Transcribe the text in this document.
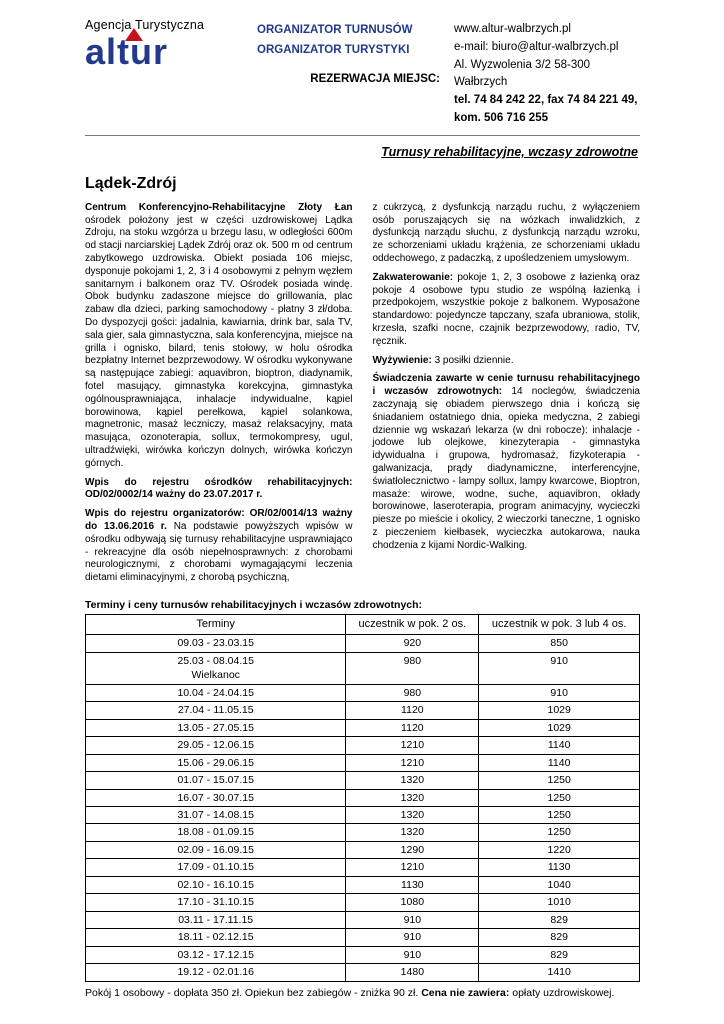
Agencja Turystyczna
altur
ORGANIZATOR TURNUSÓW
ORGANIZATOR TURYSTYKI
REZERWACJA MIEJSC:
www.altur-walbrzych.pl
e-mail: biuro@altur-walbrzych.pl
Al. Wyzwolenia 3/2 58-300 Wałbrzych
tel. 74 84 242 22, fax 74 84 221 49, kom. 506 716 255
Turnusy rehabilitacyjne, wczasy zdrowotne
Lądek-Zdrój

Centrum Konferencyjno-Rehabilitacyjne Złoty Łan ośrodek położony jest w części uzdrowiskowej Lądka Zdroju, na stoku wzgórza u brzegu lasu, w odległości 600m od stacji narciarskiej Lądek Zdrój oraz ok. 500 m od centrum zabytkowego uzdrowiska. Obiekt posiada 106 miejsc, dysponuje pokojami 1, 2, 3 i 4 osobowymi z pełnym węzłem sanitarnym i balkonem oraz TV. Ośrodek posiada windę. Obok budynku zadaszone miejsce do grillowania, plac zabaw dla dzieci, parking samochodowy - płatny 3 zł/doba. Do dyspozycji gości: jadalnia, kawiarnia, drink bar, sala TV, sala gier, sala gimnastyczna, sala konferencyjna, miejsce na grilla i ognisko, bilard, tenis stołowy, w holu ośrodka bezpłatny Internet bezprzewodowy. W ośrodku wykonywane są następujące zabiegi: aquavibron, bioptron, diadynamik, fotel masujący, gimnastyka korekcyjna, gimnastyka ogólnousprawniająca, inhalacje indywidualne, kąpiel borowinowa, kąpiel perełkowa, kąpiel solankowa, magnetronic, masaż leczniczy, masaż relaksacyjny, mata masująca, ozonoterapia, sollux, termokompresy, ugul, ultradźwięki, wirówka kończyn dolnych, wirówka kończyn górnych.

Wpis do rejestru ośrodków rehabilitacyjnych: OD/02/0002/14 ważny do 23.07.2017 r.

Wpis do rejestru organizatorów: OR/02/0014/13 ważny do 13.06.2016 r. Na podstawie powyższych wpisów w ośrodku odbywają się turnusy rehabilitacyjne usprawniająco - rekreacyjne dla osób niepełnosprawnych: z chorobami neurologicznymi, z chorobami wymagającymi leczenia dietami eliminacyjnymi, z chorobą psychiczną,

z cukrzycą, z dysfunkcją narządu ruchu, z wyłączeniem osób poruszających się na wózkach inwalidzkich, z dysfunkcją narządu słuchu, z dysfunkcją narządu wzroku, ze schorzeniami układu krążenia, ze schorzeniami układu oddechowego, z padaczką, z upośledzeniem umysłowym.

Zakwaterowanie: pokoje 1, 2, 3 osobowe z łazienką oraz pokoje 4 osobowe typu studio ze wspólną łazienką i przedpokojem, wszystkie pokoje z balkonem. Wyposażone standardowo: pojedyncze tapczany, szafa ubraniowa, stolik, krzesła, szafki nocne, czajnik bezprzewodowy, radio, TV, ręcznik.

Wyżywienie: 3 posiłki dziennie.

Świadczenia zawarte w cenie turnusu rehabilitacyjnego i wczasów zdrowotnych: 14 noclegów, świadczenia zaczynają się obiadem pierwszego dnia i kończą się śniadaniem ostatniego dnia, opieka medyczna, 2 zabiegi dziennie wg wskazań lekarza (w dni robocze): inhalacje - jodowe lub olejkowe, kinezyterapia - gimnastyka idywidualna i grupowa, hydromasaż, fizykoterapia - galwanizacja, prądy diadynamiczne, interferencyjne, światłolecznictwo - lampy sollux, lampy kwarcowe, Bioptron, masaże: wirowe, wodne, suche, aquavibron, okłady borowinowe, laseroterapia, program animacyjny, wycieczki piesze po mieście i okolicy, 2 wieczorki taneczne, 1 ognisko z pieczeniem kiełbasek, wycieczka autokarowa, nauka chodzenia z kijami Nordic-Walking.

Terminy i ceny turnusów rehabilitacyjnych i wczasów zdrowotnych:
Terminy	uczestnik w pok. 2 os.	uczestnik w pok. 3 lub 4 os.
09.03 - 23.03.15	920	850
25.03 - 08.04.15
Wielkanoc	980	910
10.04 - 24.04.15	980	910
27.04 - 11.05.15	1120	1029
13.05 - 27.05.15	1120	1029
29.05 - 12.06.15	1210	1140
15.06 - 29.06.15	1210	1140
01.07 - 15.07.15	1320	1250
16.07 - 30.07.15	1320	1250
31.07 - 14.08.15	1320	1250
18.08 - 01.09.15	1320	1250
02.09 - 16.09.15	1290	1220
17.09 - 01.10.15	1210	1130
02.10 - 16.10.15	1130	1040
17.10 - 31.10.15	1080	1010
03.11 - 17.11.15	910	829
18.11 - 02.12.15	910	829
03.12 - 17.12.15	910	829
19.12 - 02.01.16	1480	1410
Pokój 1 osobowy - dopłata 350 zł. Opiekun bez zabiegów - zniżka 90 zł. Cena nie zawiera: opłaty uzdrowiskowej.
